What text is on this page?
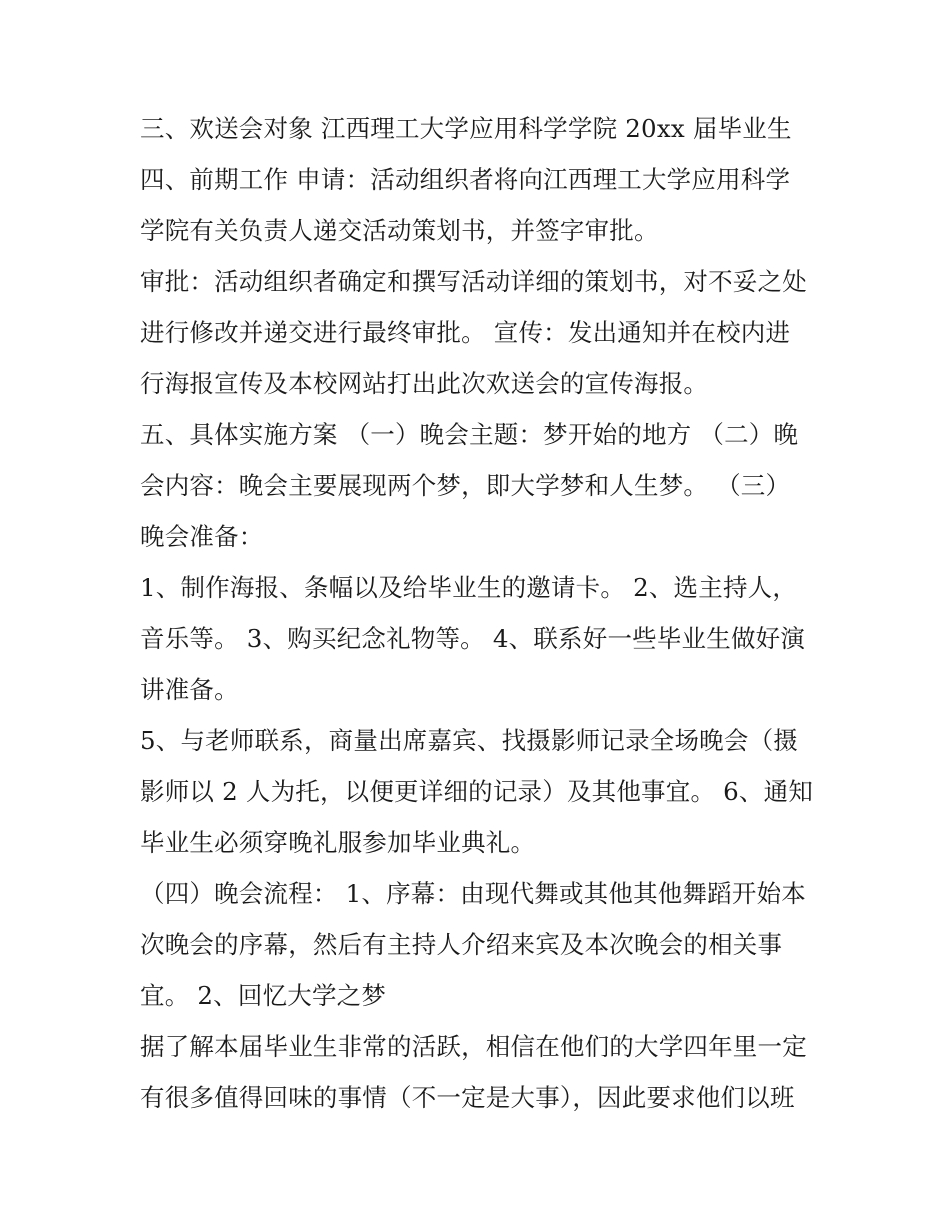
三、欢送会对象 江西理工大学应用科学学院 20xx 届毕业生
四、前期工作 申请：活动组织者将向江西理工大学应用科学
学院有关负责人递交活动策划书，并签字审批。
审批：活动组织者确定和撰写活动详细的策划书，对不妥之处
进行修改并递交进行最终审批。 宣传：发出通知并在校内进
行海报宣传及本校网站打出此次欢送会的宣传海报。
五、具体实施方案 （一）晚会主题：梦开始的地方 （二）晚
会内容：晚会主要展现两个梦，即大学梦和人生梦。 （三）
晚会准备：
1、制作海报、条幅以及给毕业生的邀请卡。 2、选主持人，
音乐等。 3、购买纪念礼物等。 4、联系好一些毕业生做好演
讲准备。
5、与老师联系，商量出席嘉宾、找摄影师记录全场晚会（摄
影师以 2 人为托，以便更详细的记录）及其他事宜。 6、通知
毕业生必须穿晚礼服参加毕业典礼。
（四）晚会流程： 1、序幕：由现代舞或其他其他舞蹈开始本
次晚会的序幕，然后有主持人介绍来宾及本次晚会的相关事
宜。 2、回忆大学之梦
据了解本届毕业生非常的活跃，相信在他们的大学四年里一定
有很多值得回味的事情（不一定是大事），因此要求他们以班
